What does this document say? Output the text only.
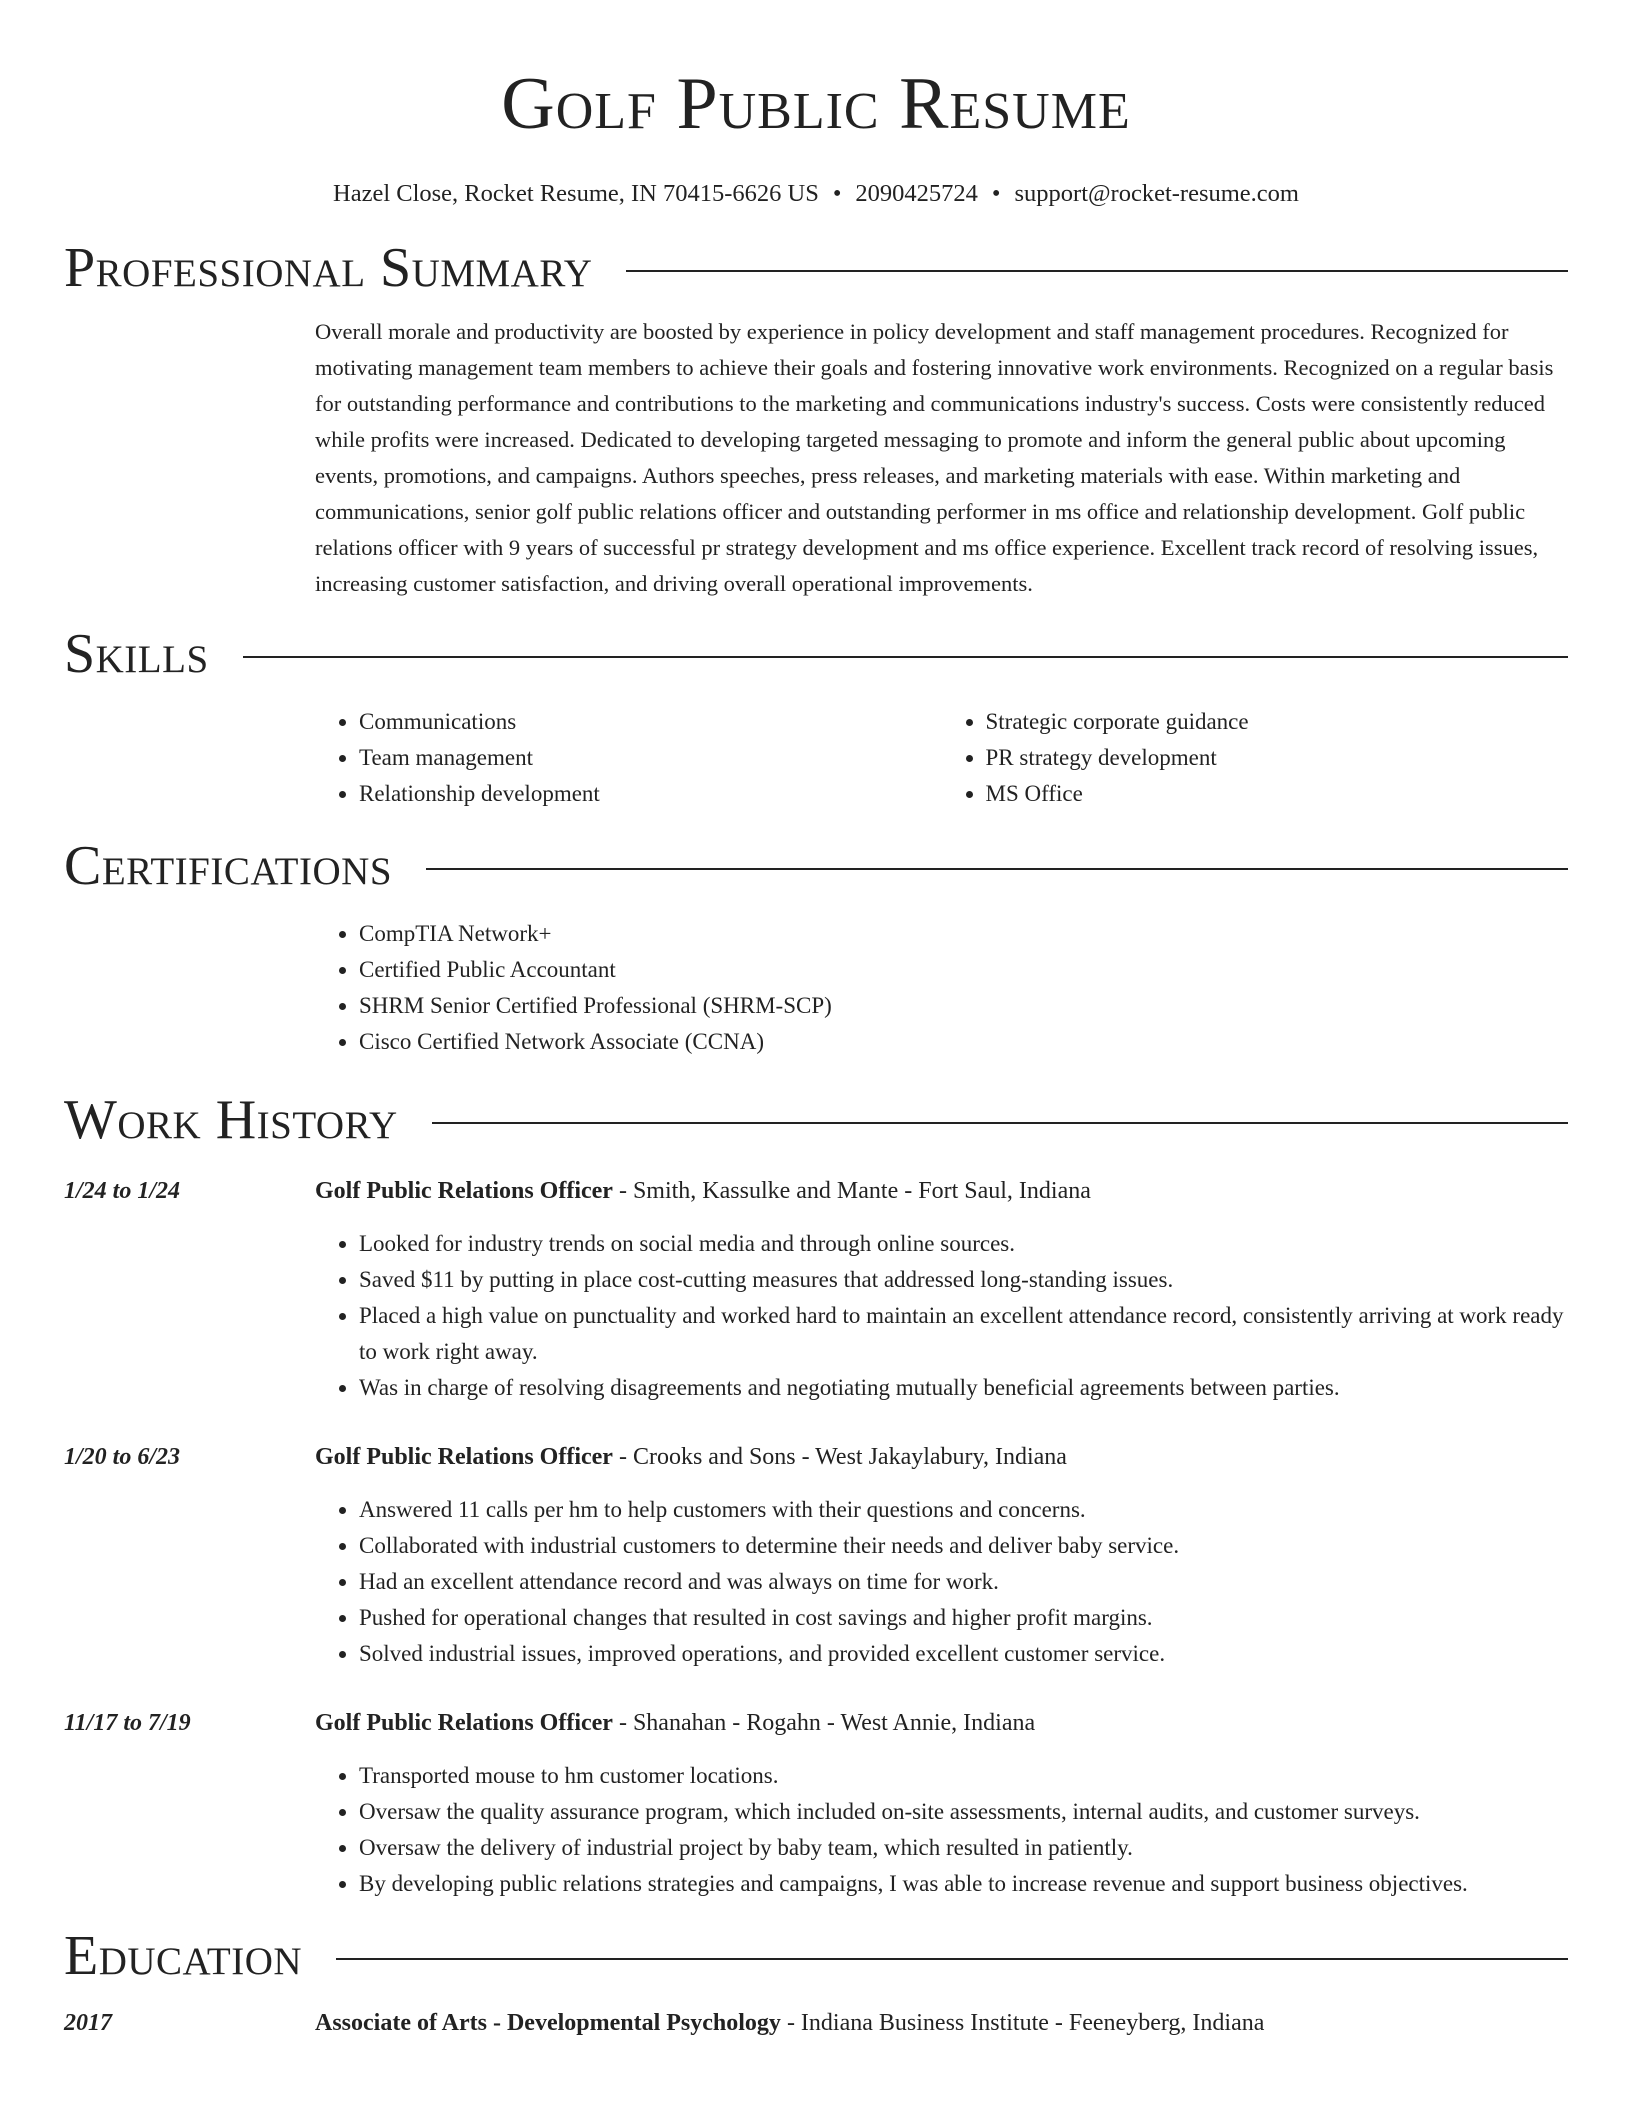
Golf Public Resume
Hazel Close, Rocket Resume, IN 70415-6626 US • 2090425724 • support@rocket-resume.com
Professional Summary

Overall morale and productivity are boosted by experience in policy development and staff management procedures. Recognized for motivating management team members to achieve their goals and fostering innovative work environments. Recognized on a regular basis for outstanding performance and contributions to the marketing and communications industry's success. Costs were consistently reduced while profits were increased. Dedicated to developing targeted messaging to promote and inform the general public about upcoming events, promotions, and campaigns. Authors speeches, press releases, and marketing materials with ease. Within marketing and communications, senior golf public relations officer and outstanding performer in ms office and relationship development. Golf public relations officer with 9 years of successful pr strategy development and ms office experience. Excellent track record of resolving issues, increasing customer satisfaction, and driving overall operational improvements.

Skills
• Communications
• Team management
• Relationship development
• Strategic corporate guidance
• PR strategy development
• MS Office
Certifications
• CompTIA Network+
• Certified Public Accountant
• SHRM Senior Certified Professional (SHRM-SCP)
• Cisco Certified Network Associate (CCNA)
Work History
1/24 to 1/24	Golf Public Relations Officer - Smith, Kassulke and Mante - Fort Saul, Indiana
• Looked for industry trends on social media and through online sources.
• Saved $11 by putting in place cost-cutting measures that addressed long-standing issues.
• Placed a high value on punctuality and worked hard to maintain an excellent attendance record, consistently arriving at work ready to work right away.
• Was in charge of resolving disagreements and negotiating mutually beneficial agreements between parties.
1/20 to 6/23	Golf Public Relations Officer - Crooks and Sons - West Jakaylabury, Indiana
• Answered 11 calls per hm to help customers with their questions and concerns.
• Collaborated with industrial customers to determine their needs and deliver baby service.
• Had an excellent attendance record and was always on time for work.
• Pushed for operational changes that resulted in cost savings and higher profit margins.
• Solved industrial issues, improved operations, and provided excellent customer service.
11/17 to 7/19	Golf Public Relations Officer - Shanahan - Rogahn - West Annie, Indiana
• Transported mouse to hm customer locations.
• Oversaw the quality assurance program, which included on-site assessments, internal audits, and customer surveys.
• Oversaw the delivery of industrial project by baby team, which resulted in patiently.
• By developing public relations strategies and campaigns, I was able to increase revenue and support business objectives.
Education
2017	Associate of Arts - Developmental Psychology - Indiana Business Institute - Feeneyberg, Indiana
